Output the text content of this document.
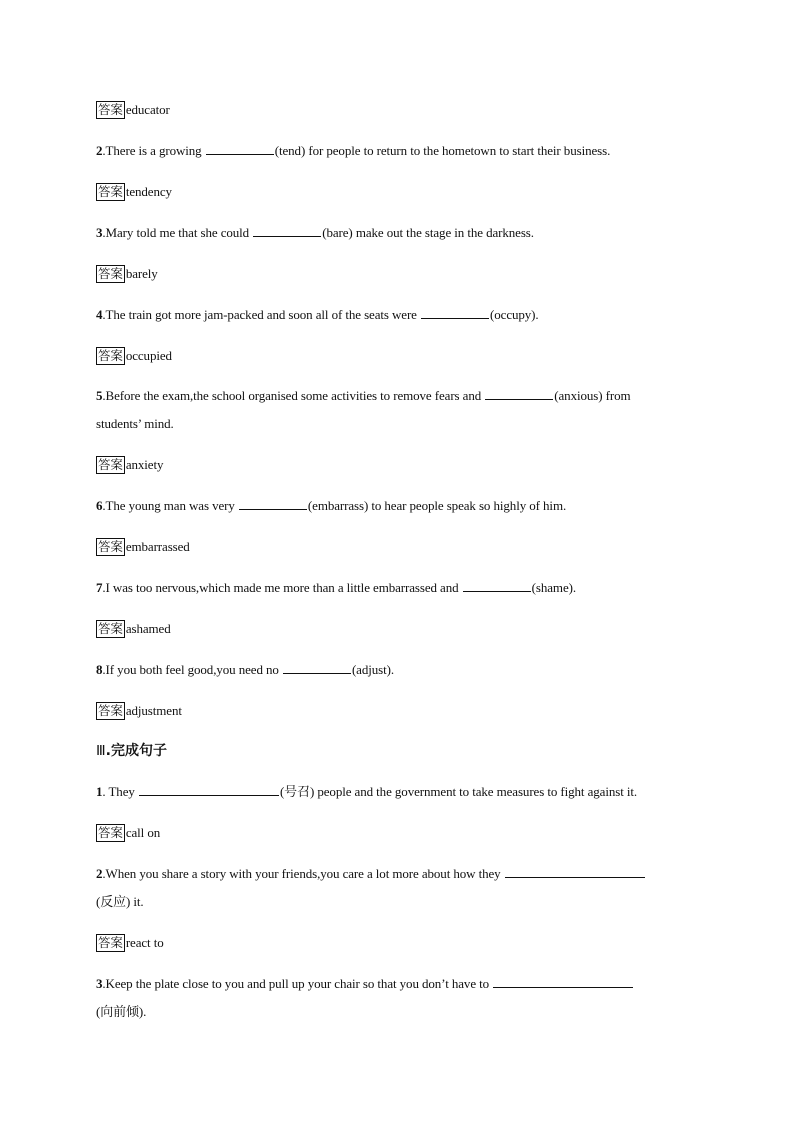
答案 educator
2.There is a growing	(tend) for people to return to the hometown to start their business.
答案 tendency
3.Mary told me that she could	(bare) make out the stage in the darkness.
答案 barely
4.The train got more jam-packed and soon all of the seats were	(occupy).
答案 occupied
5.Before the exam,the school organised some activities to remove fears and	(anxious) from
students’ mind.
答案 anxiety
6.The young man was very	(embarrass) to hear people speak so highly of him.
答案 embarrassed
7.I was too nervous,which made me more than a little embarrassed and	(shame).
答案 ashamed
8.If you both feel good,you need no	(adjust).
答案 adjustment
Ⅲ.完成句子
1. They	(号召) people and the government to take measures to fight against it.
答案 call on
2.When you share a story with your friends,you care a lot more about how they
(反应) it.
答案 react to
3.Keep the plate close to you and pull up your chair so that you don’t have to
(向前倾).
